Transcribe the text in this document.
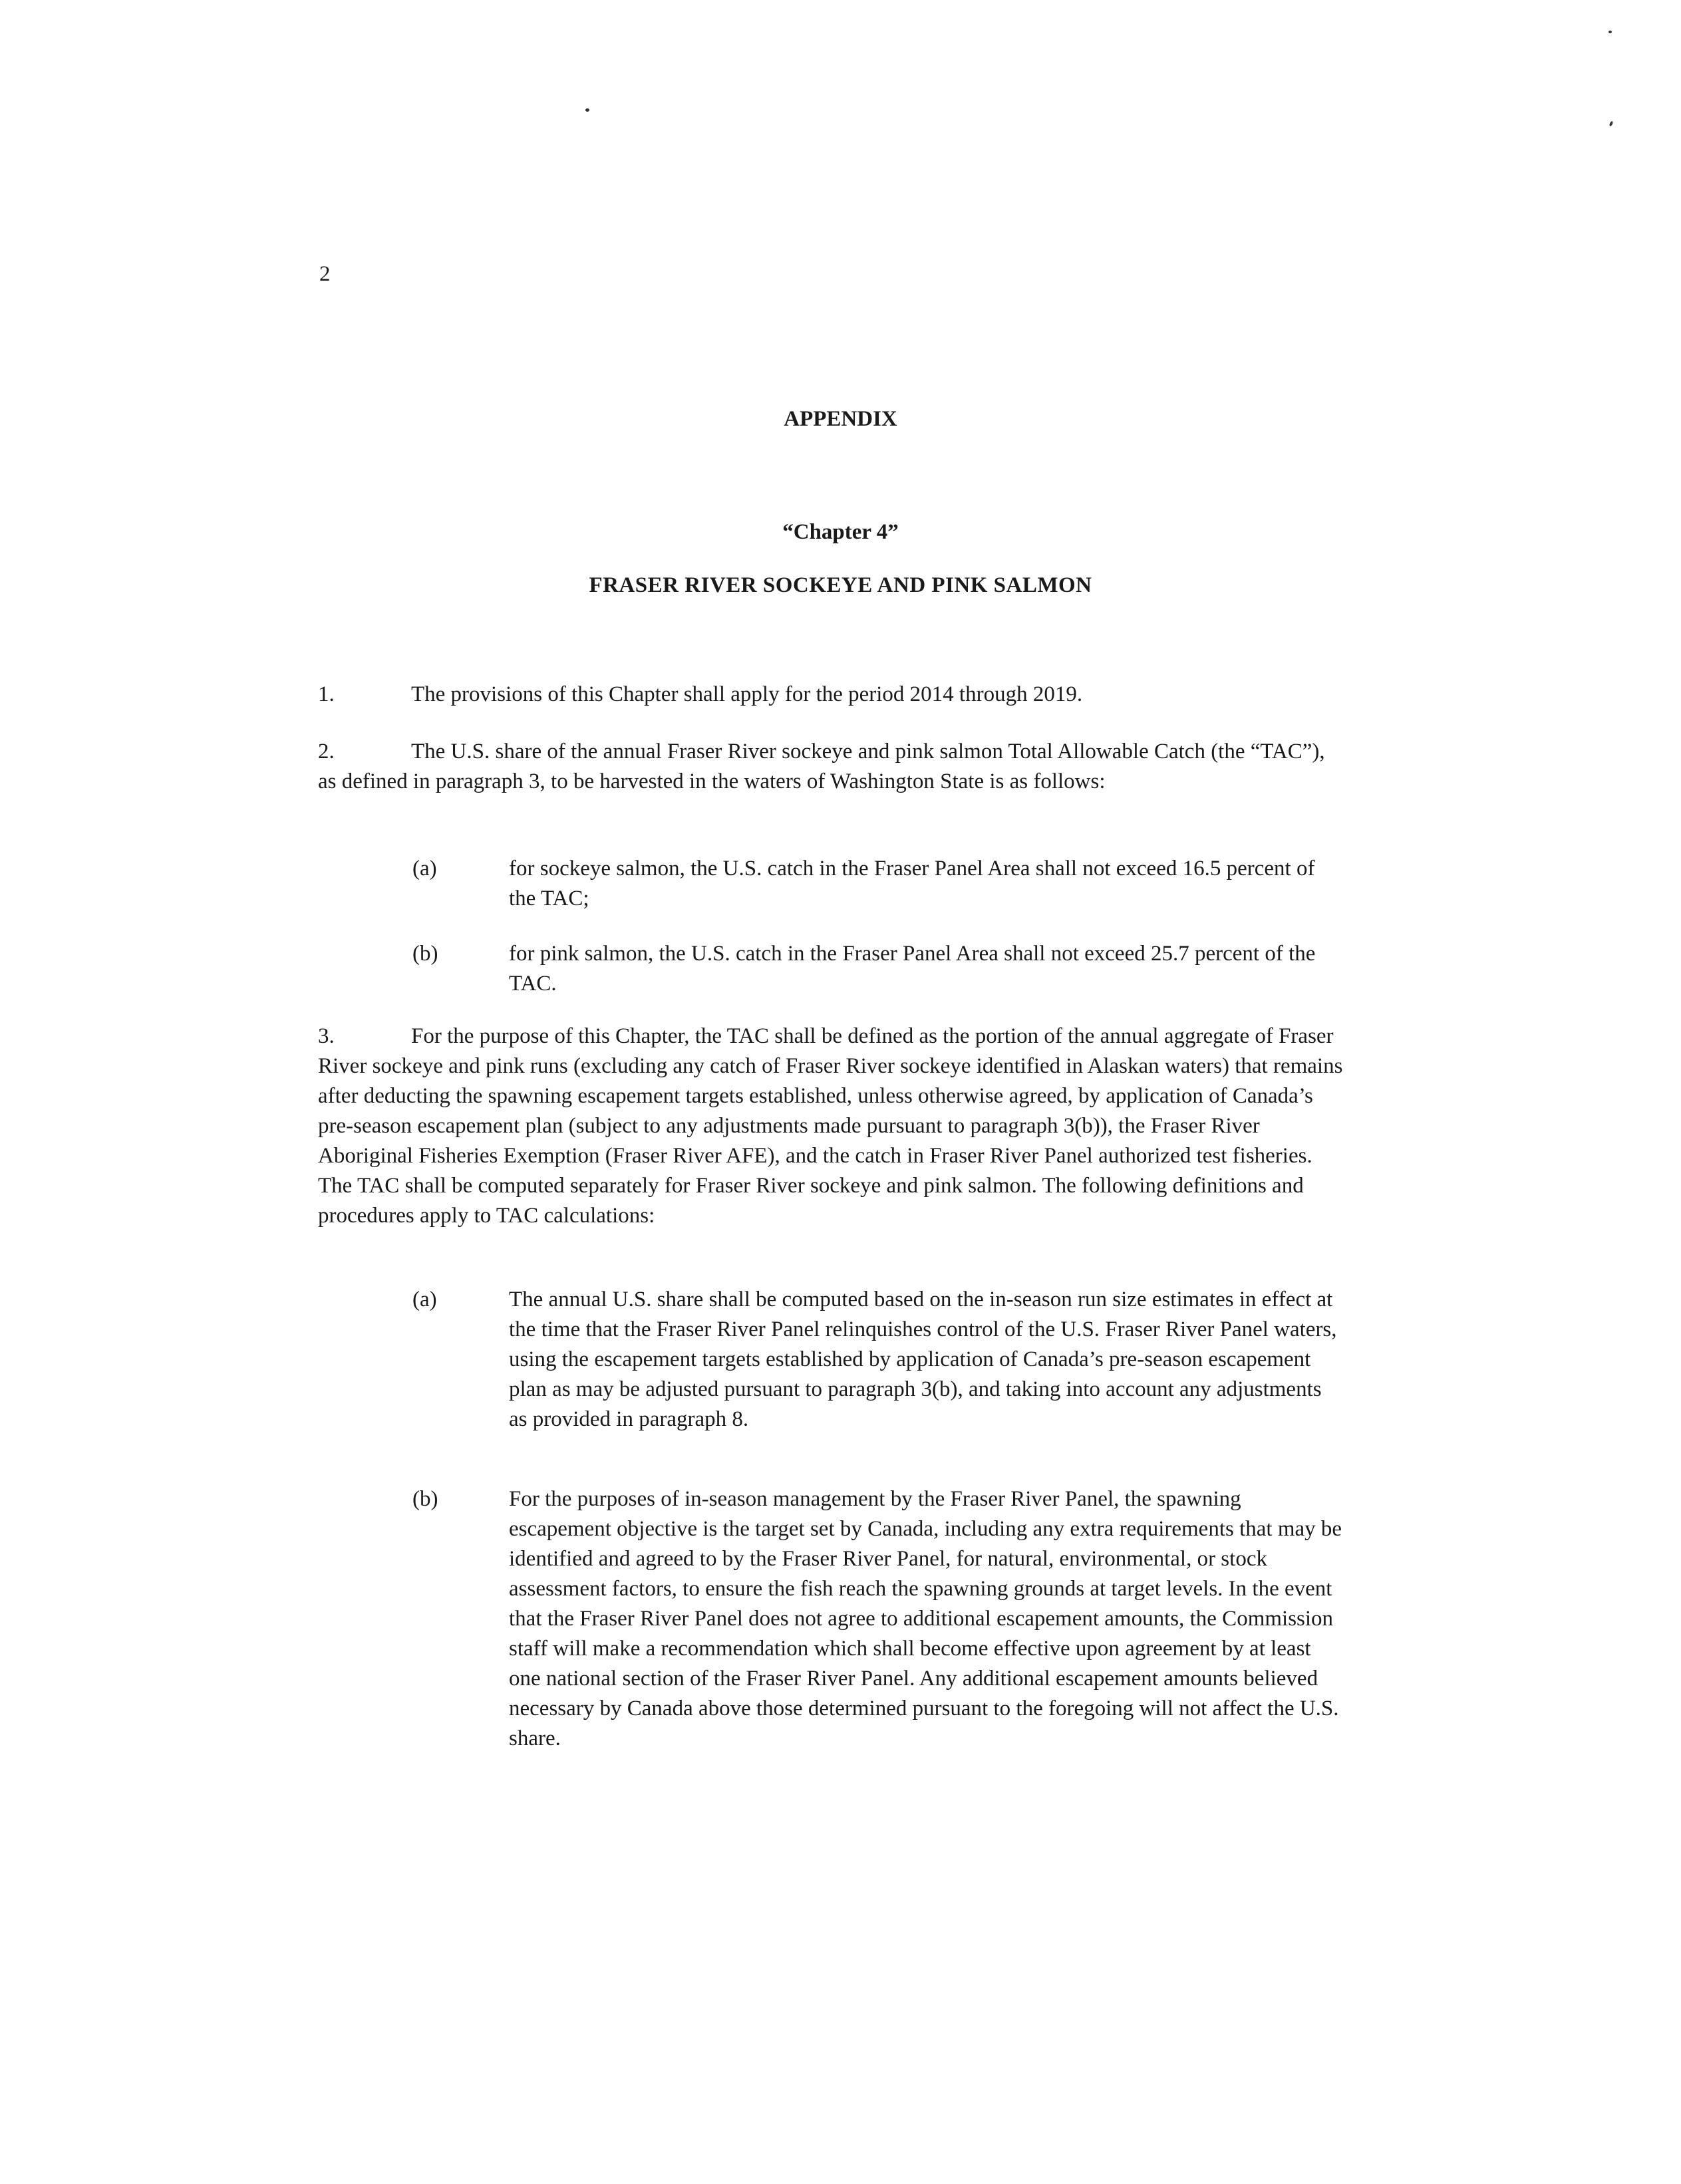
2

APPENDIX
“Chapter 4”
FRASER RIVER SOCKEYE AND PINK SALMON

1.	The provisions of this Chapter shall apply for the period 2014 through 2019.

2.	The U.S. share of the annual Fraser River sockeye and pink salmon Total Allowable Catch (the “TAC”), as defined in paragraph 3, to be harvested in the waters of Washington State is as follows:

(a)	for sockeye salmon, the U.S. catch in the Fraser Panel Area shall not exceed 16.5 percent of the TAC;
(b)	for pink salmon, the U.S. catch in the Fraser Panel Area shall not exceed 25.7 percent of the TAC.

3.	For the purpose of this Chapter, the TAC shall be defined as the portion of the annual aggregate of Fraser River sockeye and pink runs (excluding any catch of Fraser River sockeye identified in Alaskan waters) that remains after deducting the spawning escapement targets established, unless otherwise agreed, by application of Canada’s pre-season escapement plan (subject to any adjustments made pursuant to paragraph 3(b)), the Fraser River Aboriginal Fisheries Exemption (Fraser River AFE), and the catch in Fraser River Panel authorized test fisheries. The TAC shall be computed separately for Fraser River sockeye and pink salmon. The following definitions and procedures apply to TAC calculations:

(a)	The annual U.S. share shall be computed based on the in-season run size estimates in effect at the time that the Fraser River Panel relinquishes control of the U.S. Fraser River Panel waters, using the escapement targets established by application of Canada’s pre-season escapement plan as may be adjusted pursuant to paragraph 3(b), and taking into account any adjustments as provided in paragraph 8.
(b)	For the purposes of in-season management by the Fraser River Panel, the spawning escapement objective is the target set by Canada, including any extra requirements that may be identified and agreed to by the Fraser River Panel, for natural, environmental, or stock assessment factors, to ensure the fish reach the spawning grounds at target levels. In the event that the Fraser River Panel does not agree to additional escapement amounts, the Commission staff will make a recommendation which shall become effective upon agreement by at least one national section of the Fraser River Panel. Any additional escapement amounts believed necessary by Canada above those determined pursuant to the foregoing will not affect the U.S. share.
